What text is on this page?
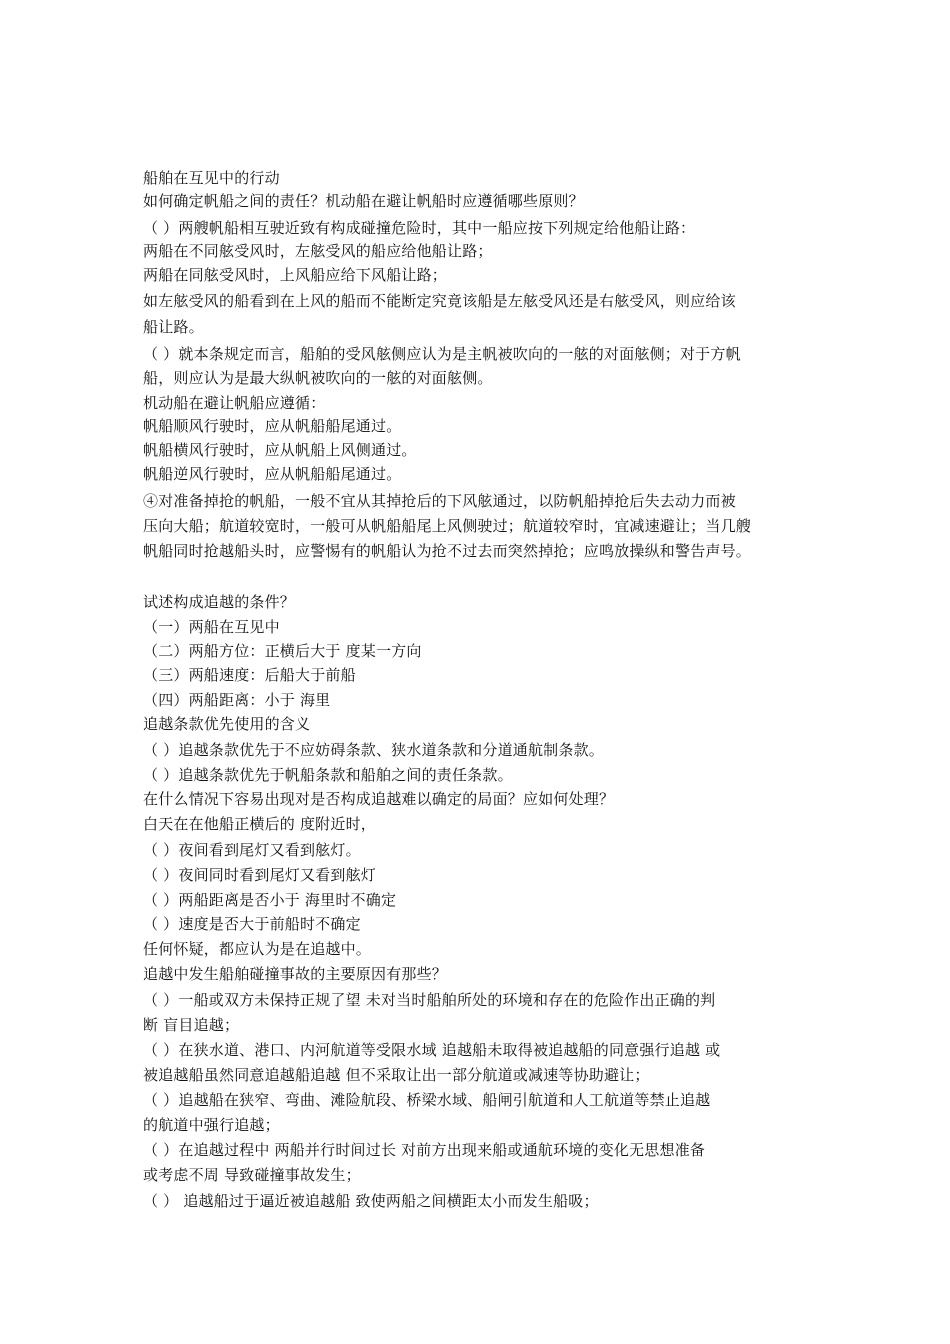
船舶在互见中的行动
如何确定帆船之间的责任？机动船在避让帆船时应遵循哪些原则？
（ ）两艘帆船相互驶近致有构成碰撞危险时，其中一船应按下列规定给他船让路：
两船在不同舷受风时，左舷受风的船应给他船让路；
两船在同舷受风时，上风船应给下风船让路；
如左舷受风的船看到在上风的船而不能断定究竟该船是左舷受风还是右舷受风，则应给该
船让路。
（ ）就本条规定而言，船舶的受风舷侧应认为是主帆被吹向的一舷的对面舷侧；对于方帆
船，则应认为是最大纵帆被吹向的一舷的对面舷侧。
机动船在避让帆船应遵循：
帆船顺风行驶时，应从帆船船尾通过。
帆船横风行驶时，应从帆船上风侧通过。
帆船逆风行驶时，应从帆船船尾通过。
④对准备掉抢的帆船，一般不宜从其掉抢后的下风舷通过，以防帆船掉抢后失去动力而被
压向大船；航道较宽时，一般可从帆船船尾上风侧驶过；航道较窄时，宜减速避让；当几艘
帆船同时抢越船头时，应警惕有的帆船认为抢不过去而突然掉抢；应鸣放操纵和警告声号。
试述构成追越的条件？
（一）两船在互见中
（二）两船方位：正横后大于 度某一方向
（三）两船速度：后船大于前船
（四）两船距离：小于 海里
追越条款优先使用的含义
（ ）追越条款优先于不应妨碍条款、狭水道条款和分道通航制条款。
（ ）追越条款优先于帆船条款和船舶之间的责任条款。
在什么情况下容易出现对是否构成追越难以确定的局面？应如何处理？
白天在在他船正横后的 度附近时，
（ ）夜间看到尾灯又看到舷灯。
（ ）夜间同时看到尾灯又看到舷灯
（ ）两船距离是否小于 海里时不确定
（ ）速度是否大于前船时不确定
任何怀疑，都应认为是在追越中。
追越中发生船舶碰撞事故的主要原因有那些？
（ ）一船或双方未保持正规了望 未对当时船舶所处的环境和存在的危险作出正确的判
断 盲目追越；
（ ）在狭水道、港口、内河航道等受限水域 追越船未取得被追越船的同意强行追越 或
被追越船虽然同意追越船追越 但不采取让出一部分航道或减速等协助避让；
（ ）追越船在狭窄、弯曲、滩险航段、桥梁水域、船闸引航道和人工航道等禁止追越
的航道中强行追越；
（ ）在追越过程中 两船并行时间过长 对前方出现来船或通航环境的变化无思想准备
或考虑不周 导致碰撞事故发生；
（ ） 追越船过于逼近被追越船 致使两船之间横距太小而发生船吸；
